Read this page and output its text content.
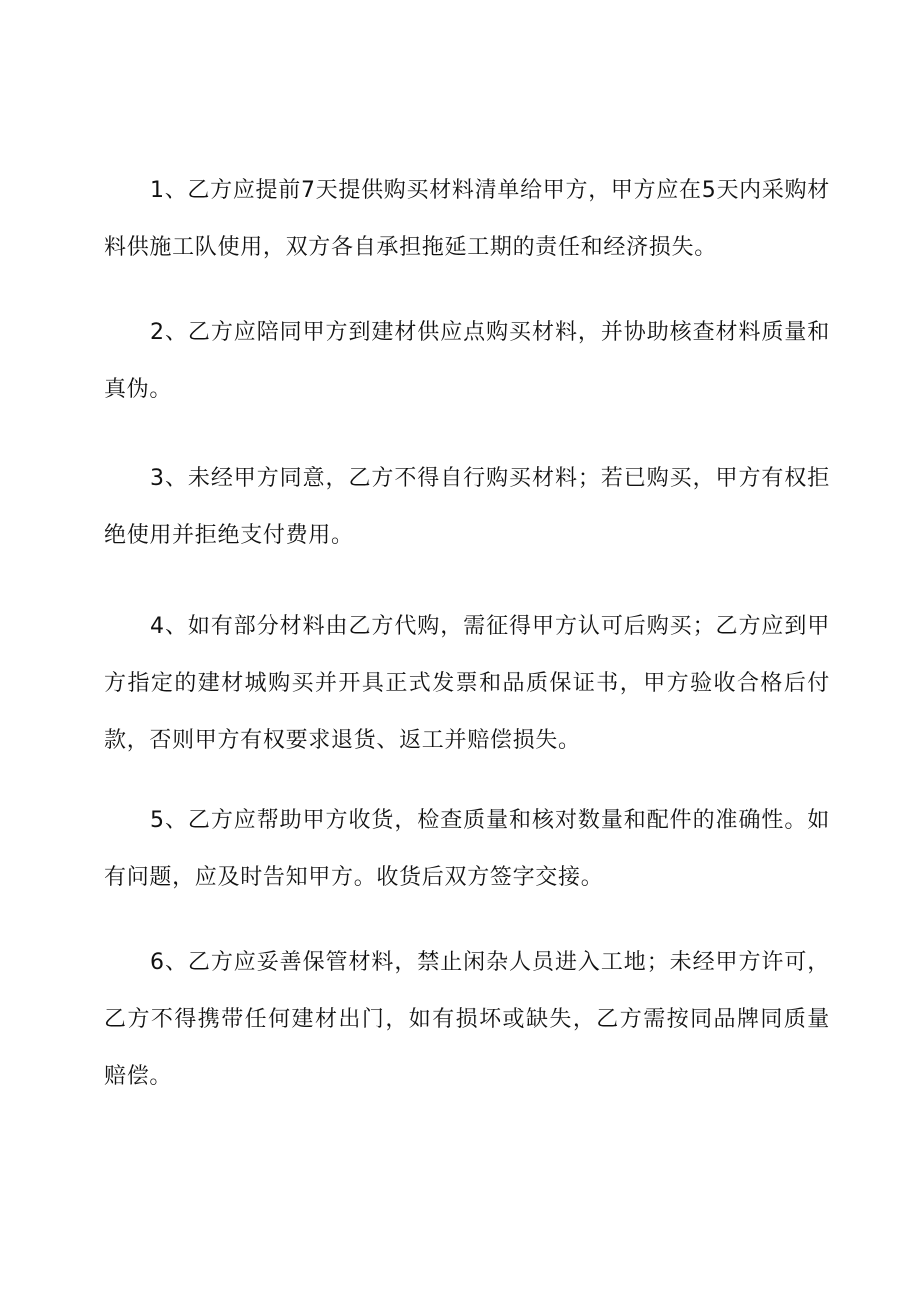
1、乙方应提前7天提供购买材料清单给甲方，甲方应在5天内采购材料供施工队使用，双方各自承担拖延工期的责任和经济损失。

2、乙方应陪同甲方到建材供应点购买材料，并协助核查材料质量和真伪。

3、未经甲方同意，乙方不得自行购买材料；若已购买，甲方有权拒绝使用并拒绝支付费用。

4、如有部分材料由乙方代购，需征得甲方认可后购买；乙方应到甲方指定的建材城购买并开具正式发票和品质保证书，甲方验收合格后付款，否则甲方有权要求退货、返工并赔偿损失。

5、乙方应帮助甲方收货，检查质量和核对数量和配件的准确性。如有问题，应及时告知甲方。收货后双方签字交接。

6、乙方应妥善保管材料，禁止闲杂人员进入工地；未经甲方许可，乙方不得携带任何建材出门，如有损坏或缺失，乙方需按同品牌同质量赔偿。
